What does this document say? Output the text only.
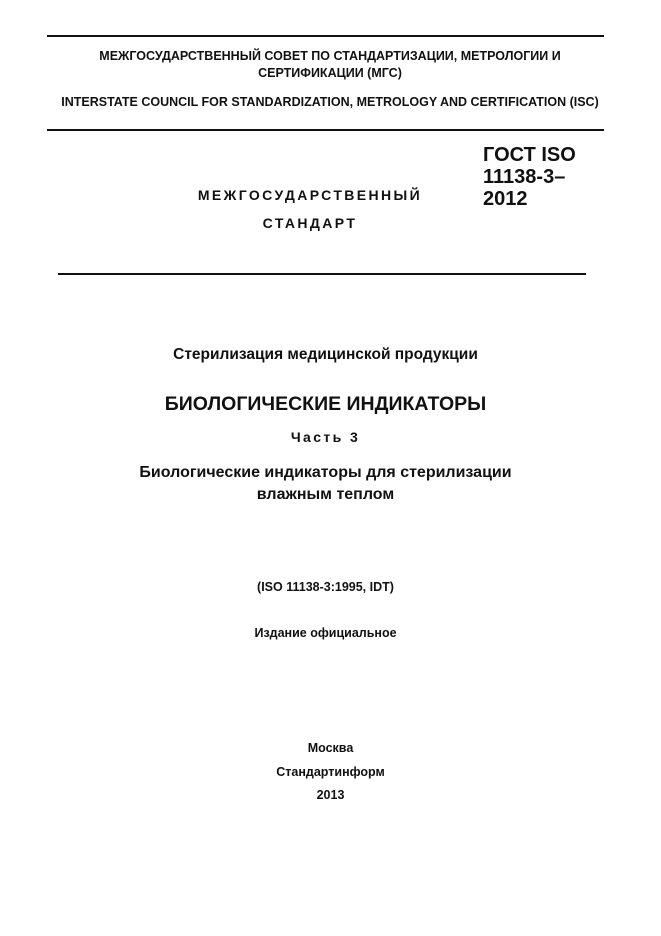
МЕЖГОСУДАРСТВЕННЫЙ СОВЕТ ПО СТАНДАРТИЗАЦИИ, МЕТРОЛОГИИ И СЕРТИФИКАЦИИ (МГС)
INTERSTATE COUNCIL FOR STANDARDIZATION, METROLOGY AND CERTIFICATION (ISC)
МЕЖГОСУДАРСТВЕННЫЙ
СТАНДАРТ
ГОСТ ISO
11138-3–
2012
Стерилизация медицинской продукции
БИОЛОГИЧЕСКИЕ ИНДИКАТОРЫ
Часть 3
Биологические индикаторы для стерилизации
влажным теплом
(ISO 11138-3:1995, IDT)
Издание официальное
Москва
Стандартинформ
2013
